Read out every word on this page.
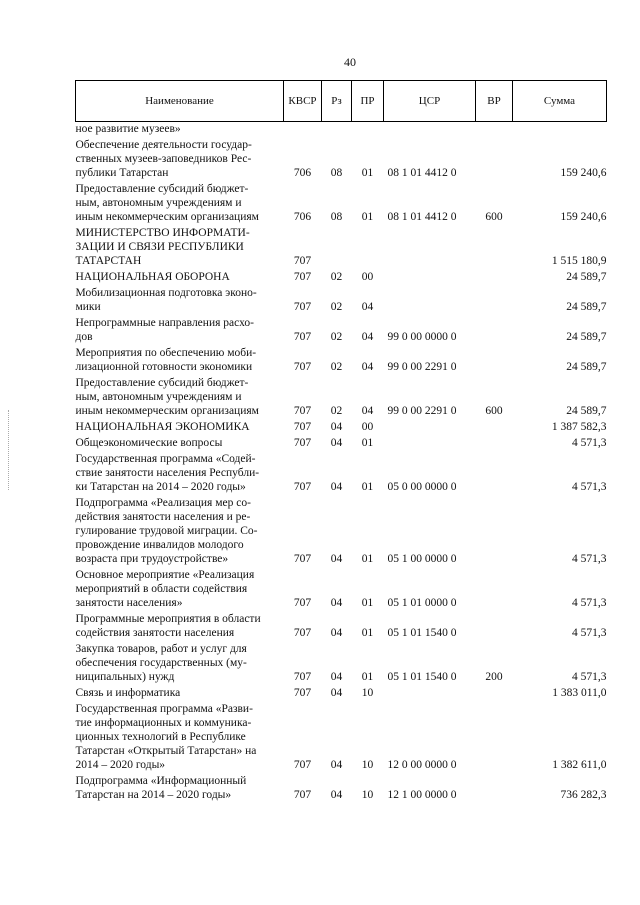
40
Наименование	КВСР	Рз	ПР	ЦСР	ВР	Сумма
ное развитие музеев»						
Обеспечение деятельности государ-
ственных музеев-заповедников Рес-
публики Татарстан	706	08	01	08 1 01 4412 0		159 240,6
Предоставление субсидий бюджет-
ным, автономным учреждениям и
иным некоммерческим организациям	706	08	01	08 1 01 4412 0	600	159 240,6
МИНИСТЕРСТВО ИНФОРМАТИ-
ЗАЦИИ И СВЯЗИ РЕСПУБЛИКИ
ТАТАРСТАН	707					1 515 180,9
НАЦИОНАЛЬНАЯ ОБОРОНА	707	02	00			24 589,7
Мобилизационная подготовка эконо-
мики	707	02	04			24 589,7
Непрограммные направления расхо-
дов	707	02	04	99 0 00 0000 0		24 589,7
Мероприятия по обеспечению моби-
лизационной готовности экономики	707	02	04	99 0 00 2291 0		24 589,7
Предоставление субсидий бюджет-
ным, автономным учреждениям и
иным некоммерческим организациям	707	02	04	99 0 00 2291 0	600	24 589,7
НАЦИОНАЛЬНАЯ ЭКОНОМИКА	707	04	00			1 387 582,3
Общеэкономические вопросы	707	04	01			4 571,3
Государственная программа «Содей-
ствие занятости населения Республи-
ки Татарстан на 2014 – 2020 годы»	707	04	01	05 0 00 0000 0		4 571,3
Подпрограмма «Реализация мер со-
действия занятости населения и ре-
гулирование трудовой миграции. Со-
провождение инвалидов молодого
возраста при трудоустройстве»	707	04	01	05 1 00 0000 0		4 571,3
Основное мероприятие «Реализация
мероприятий в области содействия
занятости населения»	707	04	01	05 1 01 0000 0		4 571,3
Программные мероприятия в области
содействия занятости населения	707	04	01	05 1 01 1540 0		4 571,3
Закупка товаров, работ и услуг для
обеспечения государственных (му-
ниципальных) нужд	707	04	01	05 1 01 1540 0	200	4 571,3
Связь и информатика	707	04	10			1 383 011,0
Государственная программа «Разви-
тие информационных и коммуника-
ционных технологий в Республике
Татарстан «Открытый Татарстан» на
2014 – 2020 годы»	707	04	10	12 0 00 0000 0		1 382 611,0
Подпрограмма «Информационный
Татарстан на 2014 – 2020 годы»	707	04	10	12 1 00 0000 0		736 282,3
